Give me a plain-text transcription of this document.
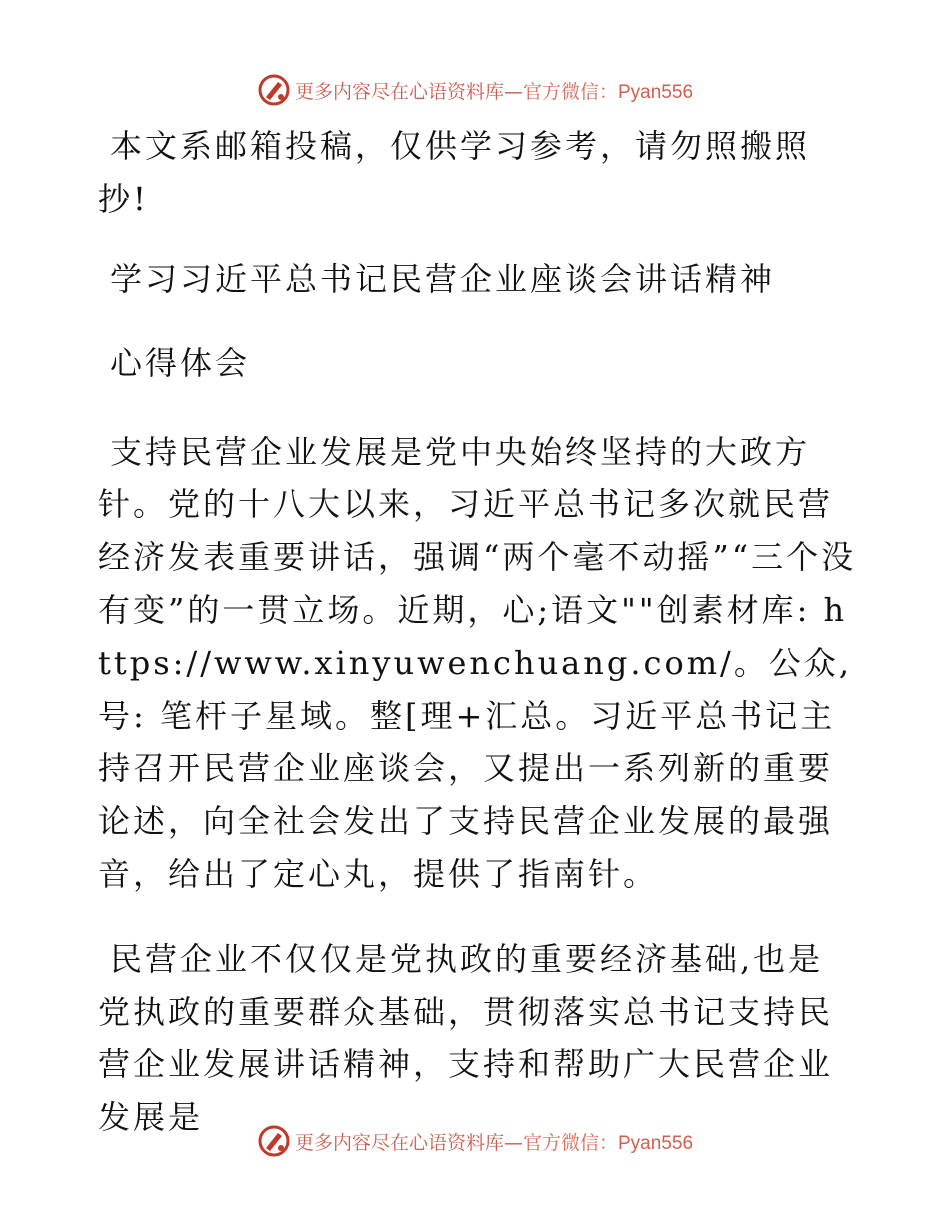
更多内容尽在心语资料库—官方微信：Pyan556

本文系邮箱投稿，仅供学习参考，请勿照搬照抄!

学习习近平总书记民营企业座谈会讲话精神

心得体会

支持民营企业发展是党中央始终坚持的大政方针。党的十八大以来，习近平总书记多次就民营经济发表重要讲话，强调“两个毫不动摇”“三个没有变”的一贯立场。近期，心;语文""创素材库: https://www.xinyuwenchuang.com/。公众,号: 笔杆子星域。整[理+汇总。习近平总书记主持召开民营企业座谈会，又提出一系列新的重要论述，向全社会发出了支持民营企业发展的最强音，给出了定心丸，提供了指南针。

民营企业不仅仅是党执政的重要经济基础,也是党执政的重要群众基础，贯彻落实总书记支持民营企业发展讲话精神，支持和帮助广大民营企业发展是

更多内容尽在心语资料库—官方微信：Pyan556
